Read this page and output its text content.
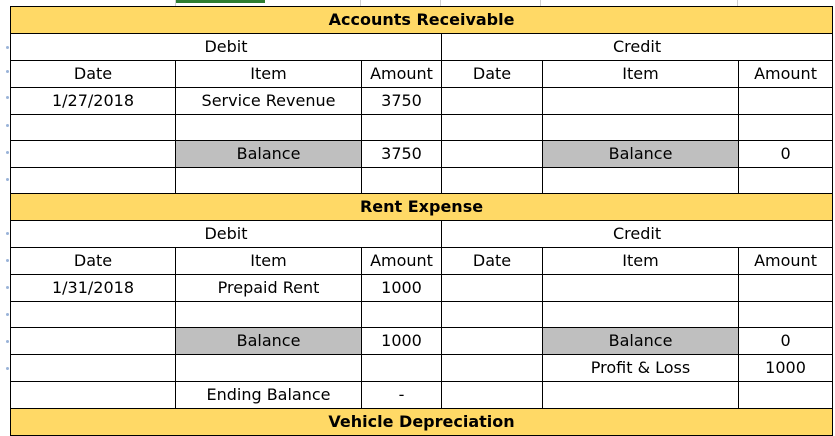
Accounts Receivable					
Debit			Credit		
Date	Item	Amount	Date	Item	Amount
1/27/2018	Service Revenue	3750			

	Balance	3750		Balance	0

Rent Expense					
Debit			Credit		
Date	Item	Amount	Date	Item	Amount
1/31/2018	Prepaid Rent	1000			

	Balance	1000		Balance	0
				Profit & Loss	1000
	Ending Balance	-			
Vehicle Depreciation					
